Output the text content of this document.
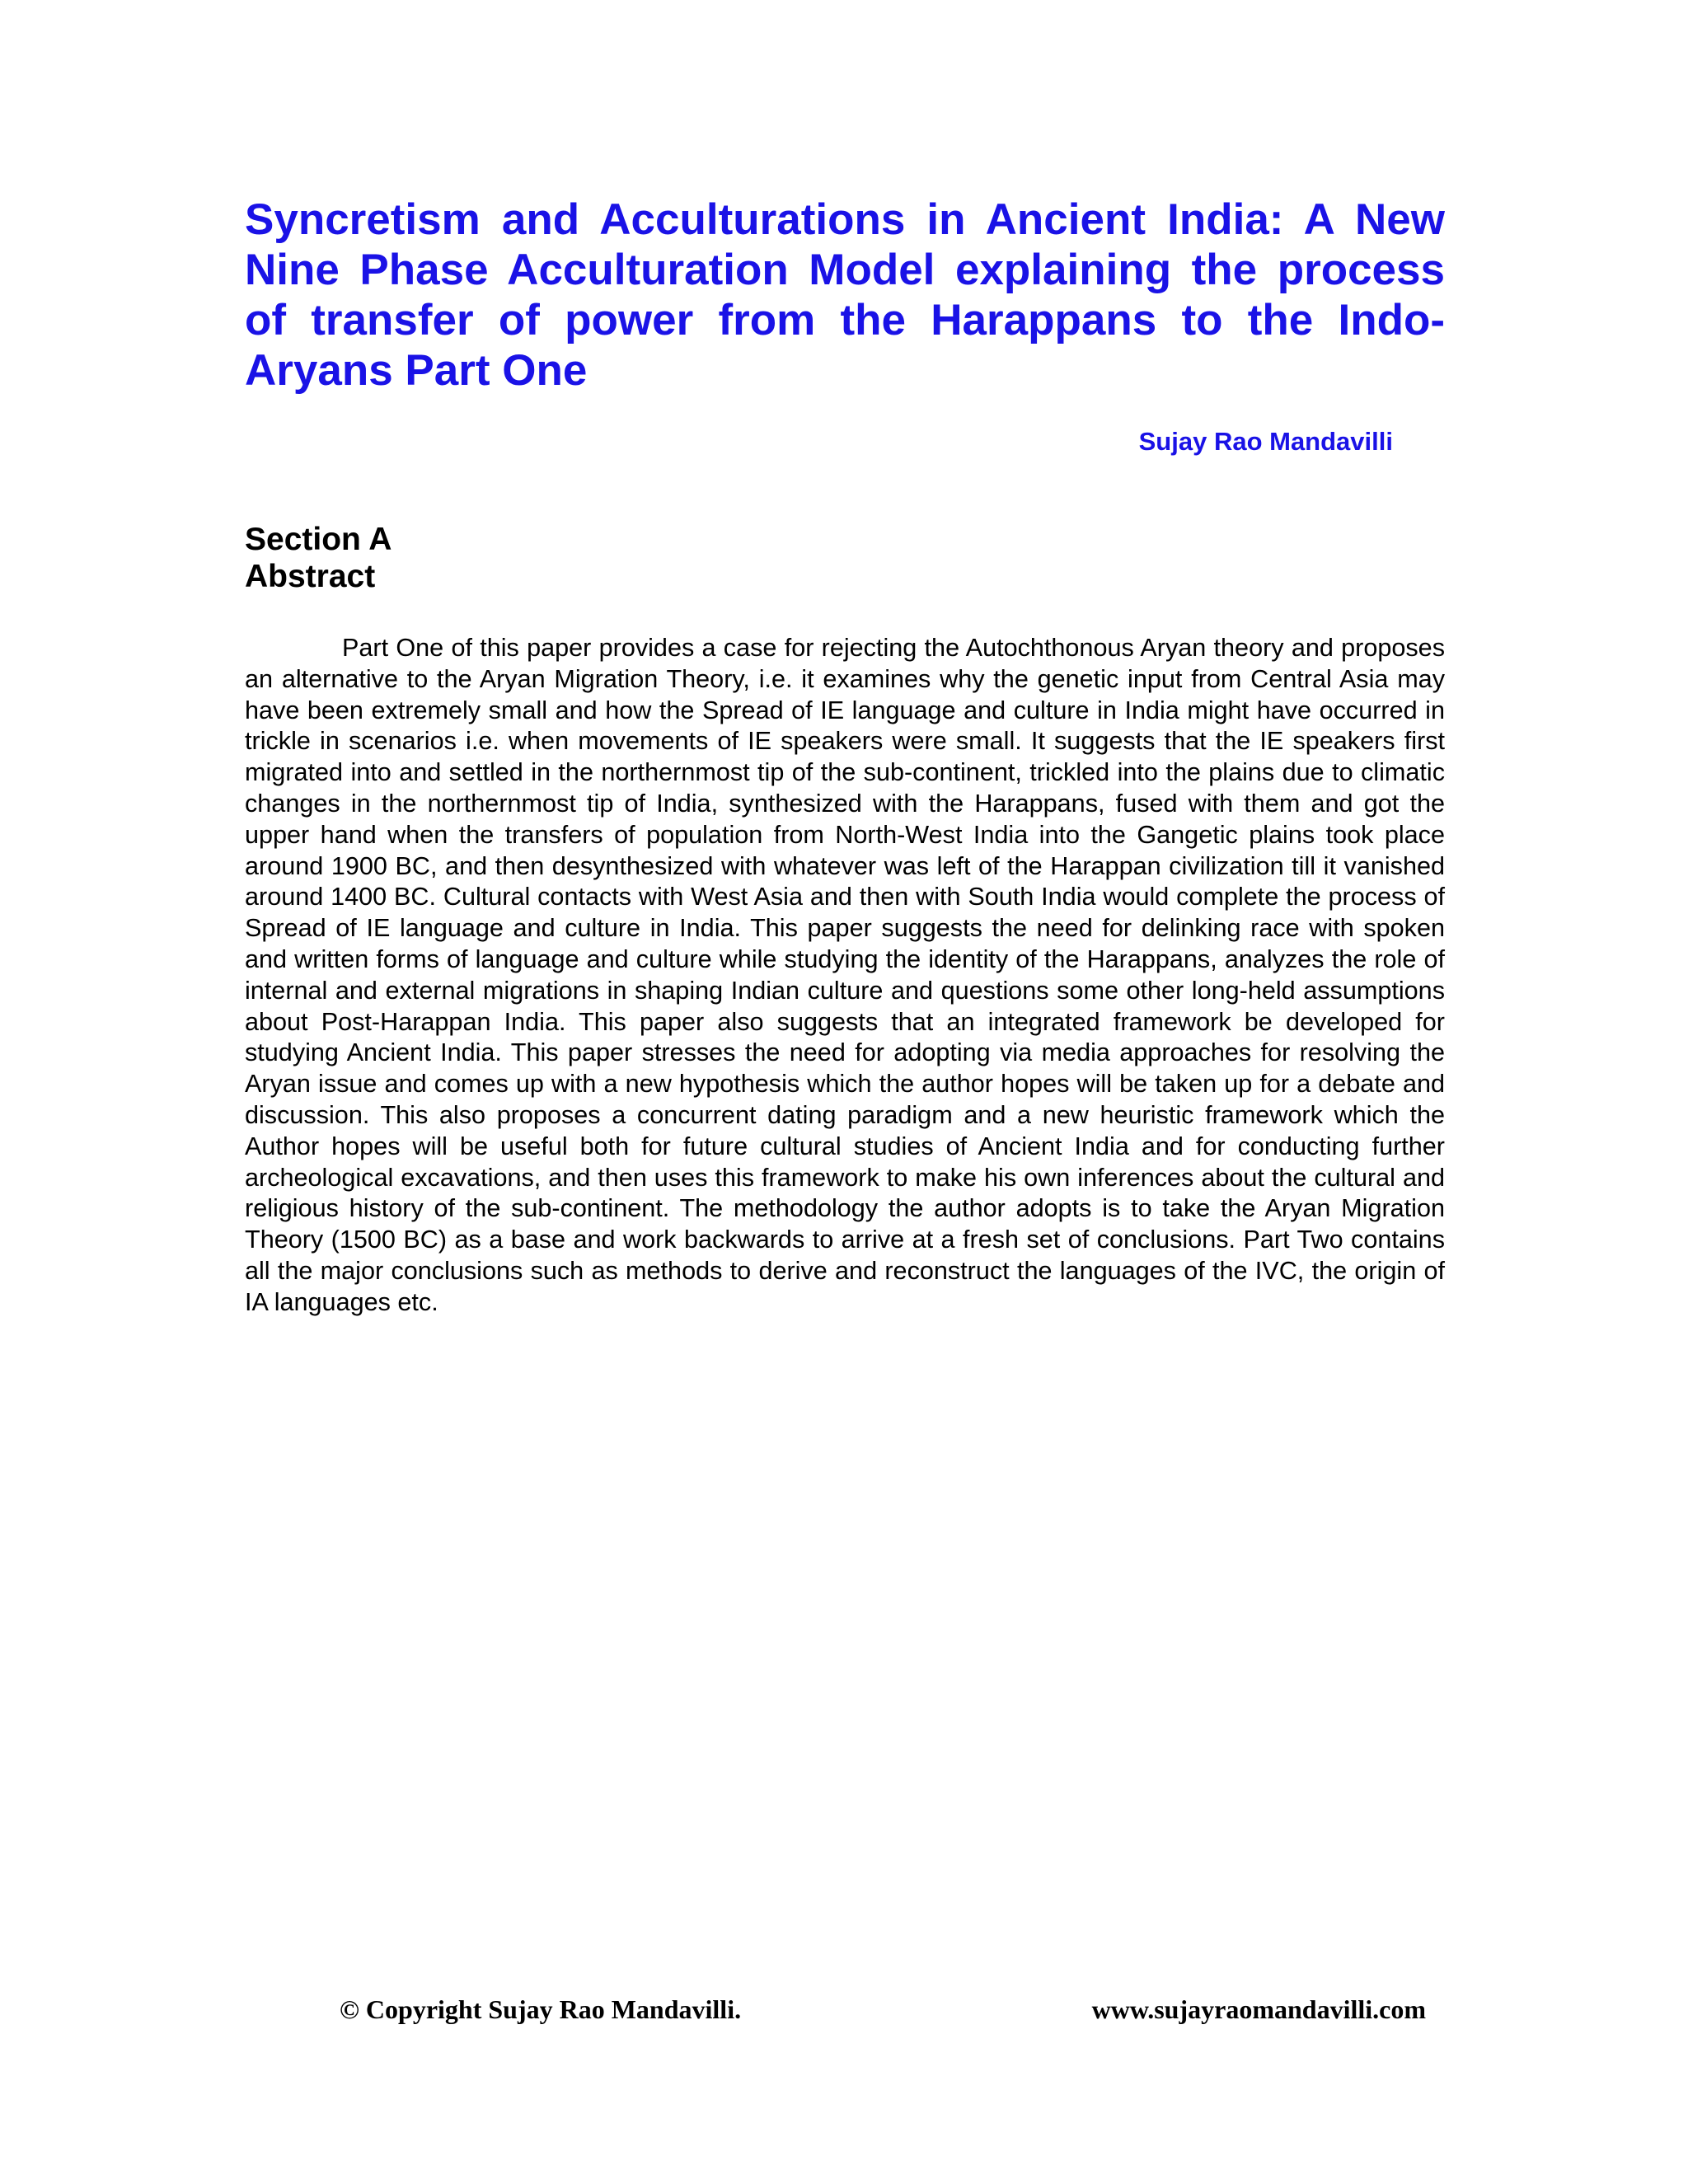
Syncretism and Acculturations in Ancient India: A New Nine Phase Acculturation Model explaining the process of transfer of power from the Harappans to the Indo-Aryans Part One

Sujay Rao Mandavilli

Section A
Abstract

Part One of this paper provides a case for rejecting the Autochthonous Aryan theory and proposes an alternative to the Aryan Migration Theory, i.e. it examines why the genetic input from Central Asia may have been extremely small and how the Spread of IE language and culture in India might have occurred in trickle in scenarios i.e. when movements of IE speakers were small. It suggests that the IE speakers first migrated into and settled in the northernmost tip of the sub-continent, trickled into the plains due to climatic changes in the northernmost tip of India, synthesized with the Harappans, fused with them and got the upper hand when the transfers of population from North-West India into the Gangetic plains took place around 1900 BC, and then desynthesized with whatever was left of the Harappan civilization till it vanished around 1400 BC. Cultural contacts with West Asia and then with South India would complete the process of Spread of IE language and culture in India. This paper suggests the need for delinking race with spoken and written forms of language and culture while studying the identity of the Harappans, analyzes the role of internal and external migrations in shaping Indian culture and questions some other long-held assumptions about Post-Harappan India. This paper also suggests that an integrated framework be developed for studying Ancient India. This paper stresses the need for adopting via media approaches for resolving the Aryan issue and comes up with a new hypothesis which the author hopes will be taken up for a debate and discussion. This also proposes a concurrent dating paradigm and a new heuristic framework which the Author hopes will be useful both for future cultural studies of Ancient India and for conducting further archeological excavations, and then uses this framework to make his own inferences about the cultural and religious history of the sub-continent. The methodology the author adopts is to take the Aryan Migration Theory (1500 BC) as a base and work backwards to arrive at a fresh set of conclusions. Part Two contains all the major conclusions such as methods to derive and reconstruct the languages of the IVC, the origin of IA languages etc.

© Copyright Sujay Rao Mandavilli.	www.sujayraomandavilli.com
